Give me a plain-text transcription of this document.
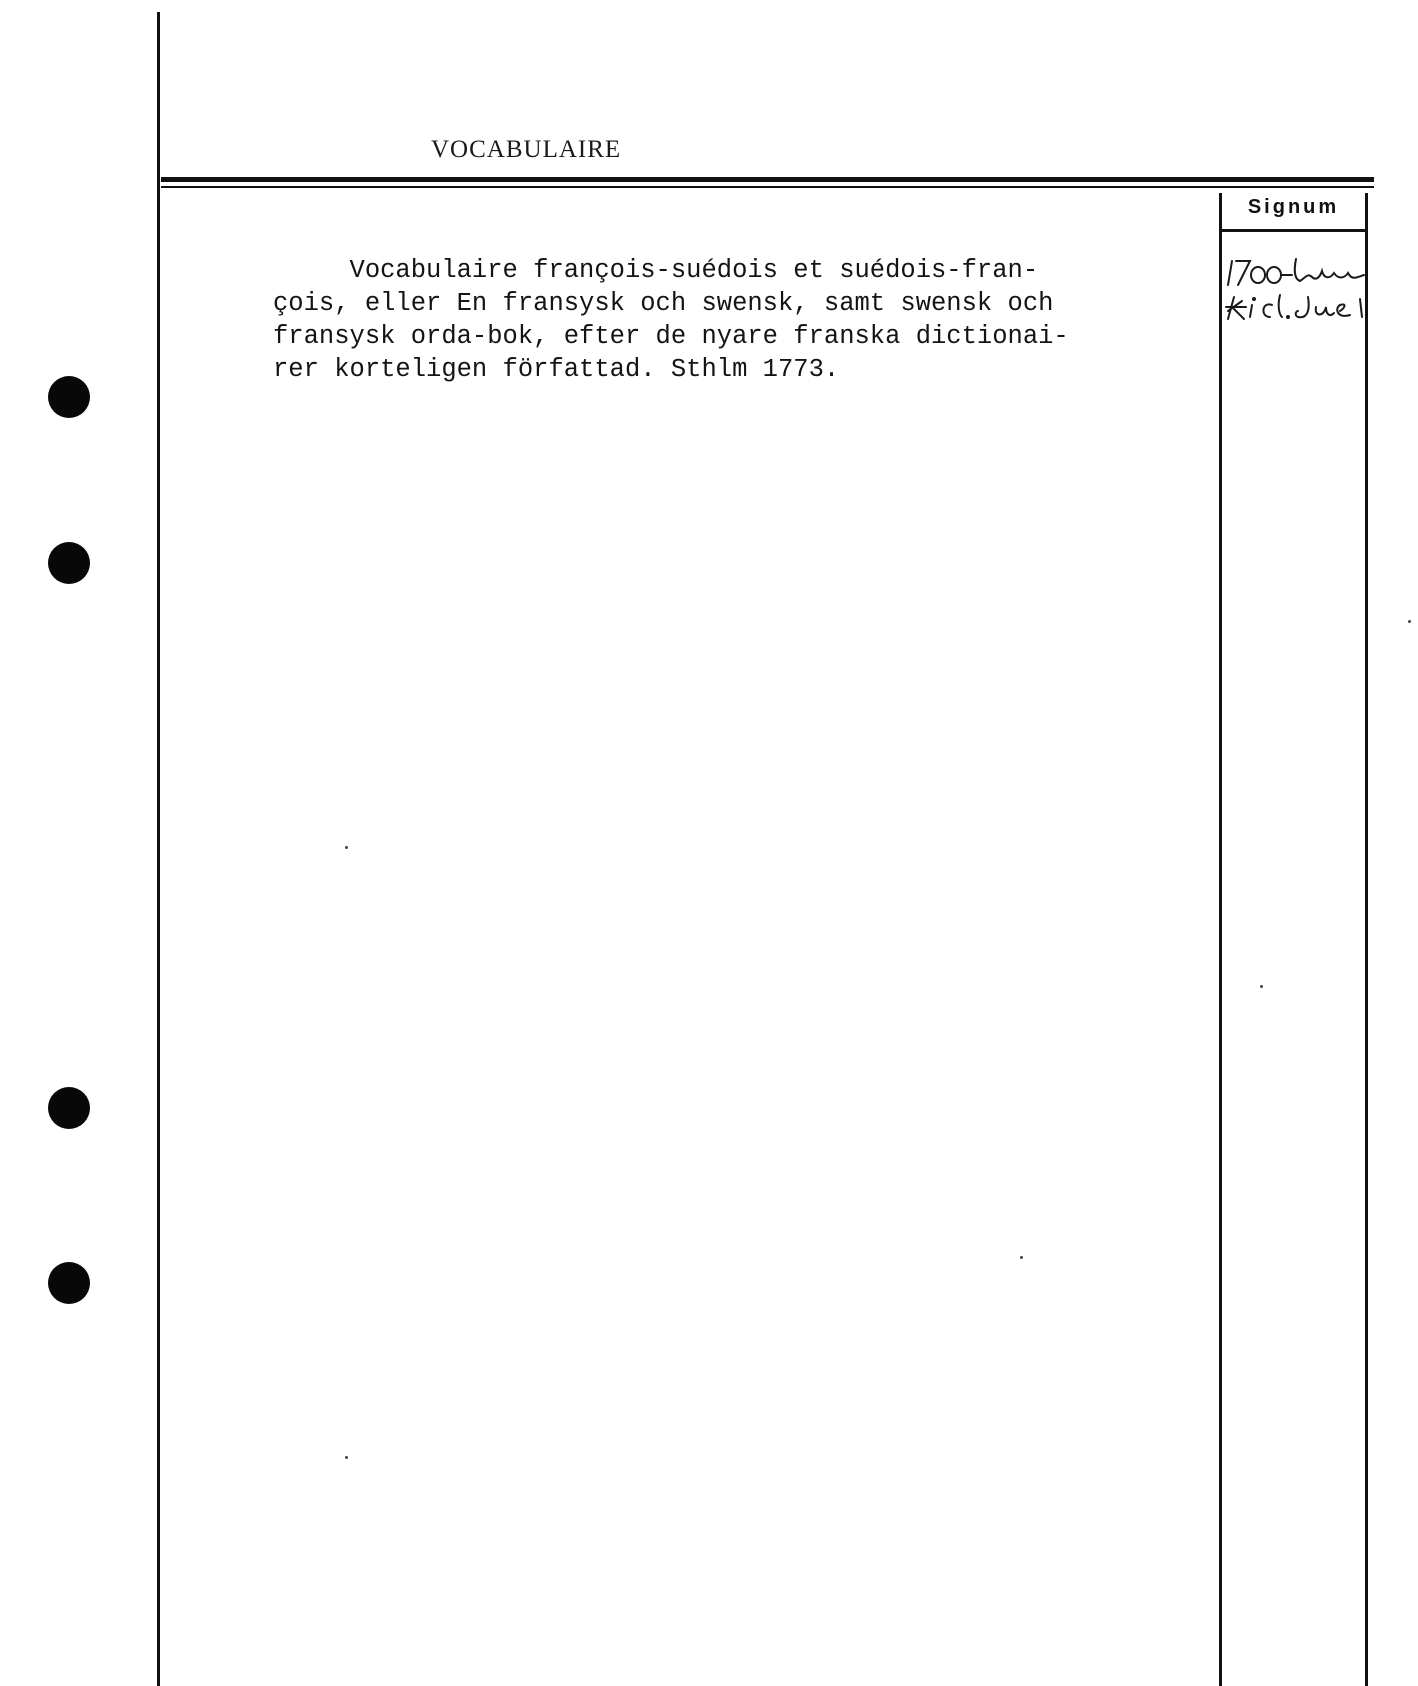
VOCABULAIRE
Signum
Vocabulaire françois-suédois et suédois-fran-
çois, eller En fransysk och swensk, samt swensk och
fransysk orda-bok, efter de nyare franska dictionai-
rer korteligen författad. Sthlm 1773.
